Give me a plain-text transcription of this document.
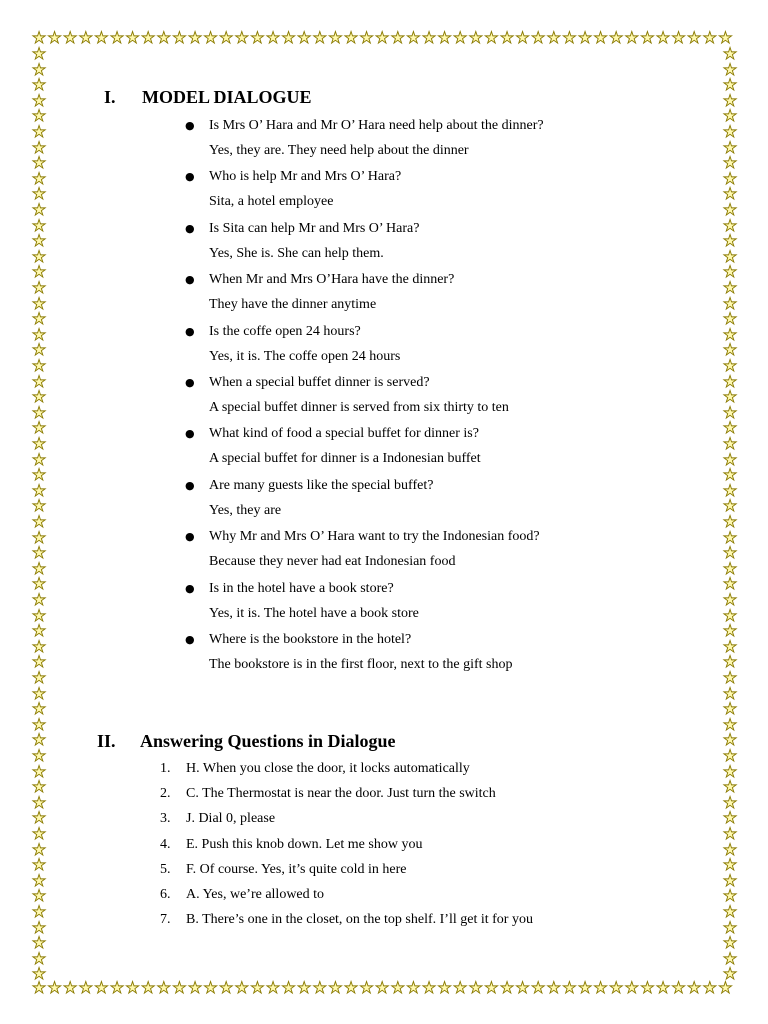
★ ★ ★ ★ ★ ★ ★ ★ ★ ★ ★ ★ ★ ★ ★ ★ ★ ★ ★ ★ ★ ★ ★ ★ ★ ★ ★ ★ ★ ★ ★ ★ ★ ★ ★ ★ ★ ★ ★ ★ ★ ★ ★ ★ ★
★ ★ ★ ★ ★ ★ ★ ★ ★ ★ ★ ★ ★ ★ ★ ★ ★ ★ ★ ★ ★ ★ ★ ★ ★ ★ ★ ★ ★ ★ ★ ★ ★ ★ ★ ★ ★ ★ ★ ★ ★ ★ ★ ★ ★
★
★
★
★
★
★
★
★
★
★
★
★
★
★
★
★
★
★
★
★
★
★
★
★
★
★
★
★
★
★
★
★
★
★
★
★
★
★
★
★
★
★
★
★
★
★
★
★
★
★
★
★
★
★
★
★
★
★
★
★
★
★
★
★
★
★
★
★
★
★
★
★
★
★
★
★
★
★
★
★
★
★
★
★
★
★
★
★
★
★
★
★
★
★
★
★
★
★
★
★
★
★
★
★
★
★
★
★
★
★
★
★
★
★
★
★
★
★
★
★
I. MODEL DIALOGUE
● Is Mrs O’ Hara and Mr O’ Hara need help about the dinner?
Yes, they are. They need help about the dinner
● Who is help Mr and Mrs O’ Hara?
Sita, a hotel employee
● Is Sita can help Mr and Mrs O’ Hara?
Yes, She is. She can help them.
● When Mr and Mrs O’Hara have the dinner?
They have the dinner anytime
● Is the coffe open 24 hours?
Yes, it is. The coffe open 24 hours
● When a special buffet dinner is served?
A special buffet dinner is served from six thirty to ten
● What kind of food a special buffet for dinner is?
A special buffet for dinner is a Indonesian buffet
● Are many guests like the special buffet?
Yes, they are
● Why Mr and Mrs O’ Hara want to try the Indonesian food?
Because they never had eat Indonesian food
● Is in the hotel have a book store?
Yes, it is. The hotel have a book store
● Where is the bookstore in the hotel?
The bookstore is in the first floor, next to the gift shop
II. Answering Questions in Dialogue
1.	H. When you close the door, it locks automatically
2.	C. The Thermostat is near the door. Just turn the switch
3.	J. Dial 0, please
4.	E. Push this knob down. Let me show you
5.	F. Of course. Yes, it’s quite cold in here
6.	A. Yes, we’re allowed to
7.	B. There’s one in the closet, on the top shelf. I’ll get it for you
